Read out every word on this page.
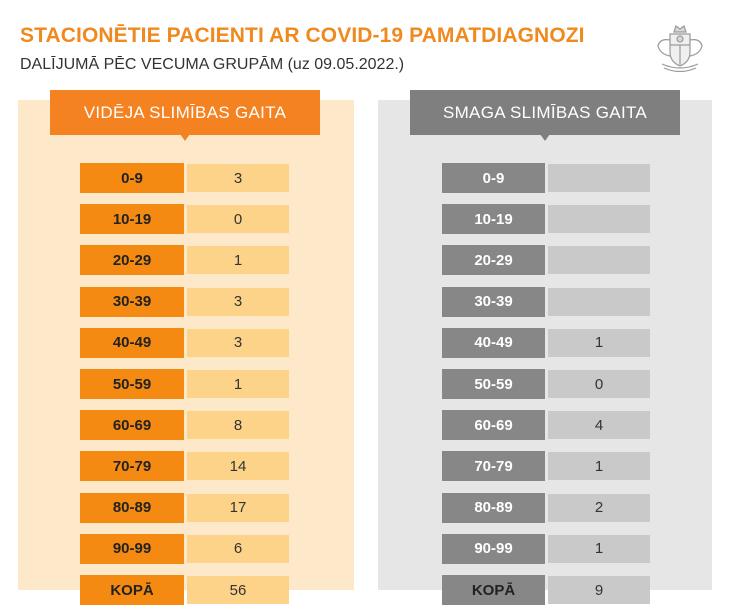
STACIONĒTIE PACIENTI AR COVID-19 PAMATDIAGNOZI
DALĪJUMĀ PĒC VECUMA GRUPĀM (uz 09.05.2022.)
VIDĒJA SLIMĪBAS GAITA	SMAGA SLIMĪBAS GAITA
0-9	3	0-9
10-19	0	10-19
20-29	1	20-29
30-39	3	30-39
40-49	3	40-49	1
50-59	1	50-59	0
60-69	8	60-69	4
70-79	14	70-79	1
80-89	17	80-89	2
90-99	6	90-99	1
KOPĀ	56	KOPĀ	9
